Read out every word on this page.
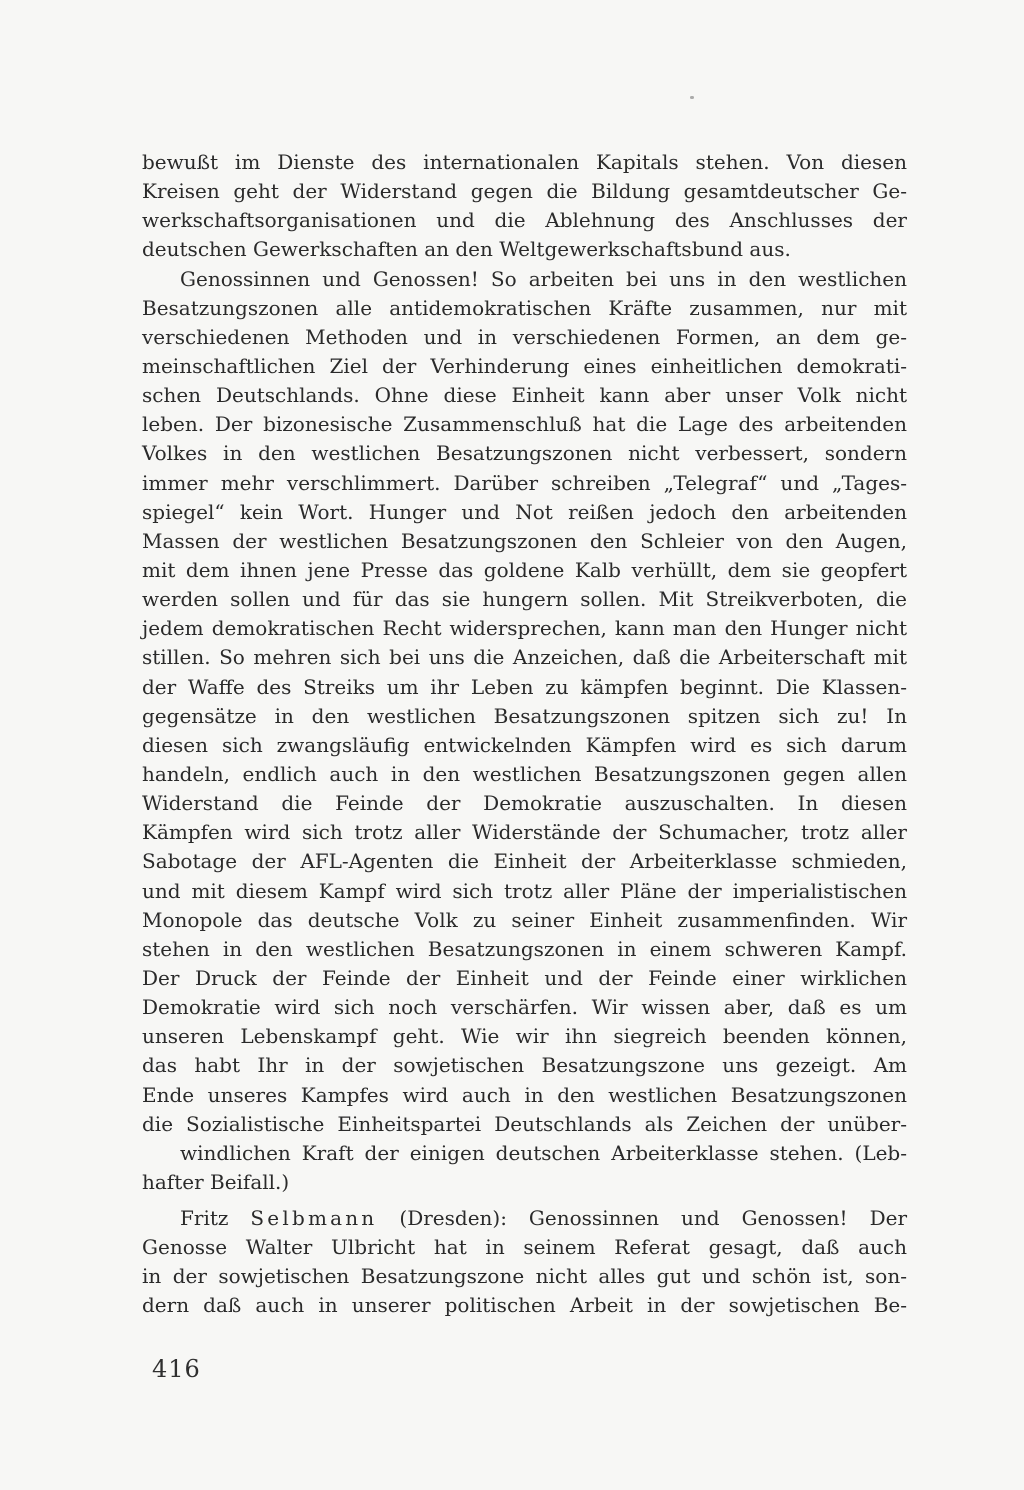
bewußt im Dienste des internationalen Kapitals stehen. Von diesen
Kreisen geht der Widerstand gegen die Bildung gesamtdeutscher Ge-
werkschaftsorganisationen und die Ablehnung des Anschlusses der
deutschen Gewerkschaften an den Weltgewerkschaftsbund aus.
Genossinnen und Genossen! So arbeiten bei uns in den westlichen
Besatzungszonen alle antidemokratischen Kräfte zusammen, nur mit
verschiedenen Methoden und in verschiedenen Formen, an dem ge-
meinschaftlichen Ziel der Verhinderung eines einheitlichen demokrati-
schen Deutschlands. Ohne diese Einheit kann aber unser Volk nicht
leben. Der bizonesische Zusammenschluß hat die Lage des arbeitenden
Volkes in den westlichen Besatzungszonen nicht verbessert, sondern
immer mehr verschlimmert. Darüber schreiben „Telegraf“ und „Tages-
spiegel“ kein Wort. Hunger und Not reißen jedoch den arbeitenden
Massen der westlichen Besatzungszonen den Schleier von den Augen,
mit dem ihnen jene Presse das goldene Kalb verhüllt, dem sie geopfert
werden sollen und für das sie hungern sollen. Mit Streikverboten, die
jedem demokratischen Recht widersprechen, kann man den Hunger nicht
stillen. So mehren sich bei uns die Anzeichen, daß die Arbeiterschaft mit
der Waffe des Streiks um ihr Leben zu kämpfen beginnt. Die Klassen-
gegensätze in den westlichen Besatzungszonen spitzen sich zu! In
diesen sich zwangsläufig entwickelnden Kämpfen wird es sich darum
handeln, endlich auch in den westlichen Besatzungszonen gegen allen
Widerstand die Feinde der Demokratie auszuschalten. In diesen
Kämpfen wird sich trotz aller Widerstände der Schumacher, trotz aller
Sabotage der AFL-Agenten die Einheit der Arbeiterklasse schmieden,
und mit diesem Kampf wird sich trotz aller Pläne der imperialistischen
Monopole das deutsche Volk zu seiner Einheit zusammenfinden. Wir
stehen in den westlichen Besatzungszonen in einem schweren Kampf.
Der Druck der Feinde der Einheit und der Feinde einer wirklichen
Demokratie wird sich noch verschärfen. Wir wissen aber, daß es um
unseren Lebenskampf geht. Wie wir ihn siegreich beenden können,
das habt Ihr in der sowjetischen Besatzungszone uns gezeigt. Am
Ende unseres Kampfes wird auch in den westlichen Besatzungszonen
die Sozialistische Einheitspartei Deutschlands als Zeichen der unüber-
windlichen Kraft der einigen deutschen Arbeiterklasse stehen. (Leb-
hafter Beifall.)
Fritz Selbmann (Dresden): Genossinnen und Genossen! Der
Genosse Walter Ulbricht hat in seinem Referat gesagt, daß auch
in der sowjetischen Besatzungszone nicht alles gut und schön ist, son-
dern daß auch in unserer politischen Arbeit in der sowjetischen Be-
416
